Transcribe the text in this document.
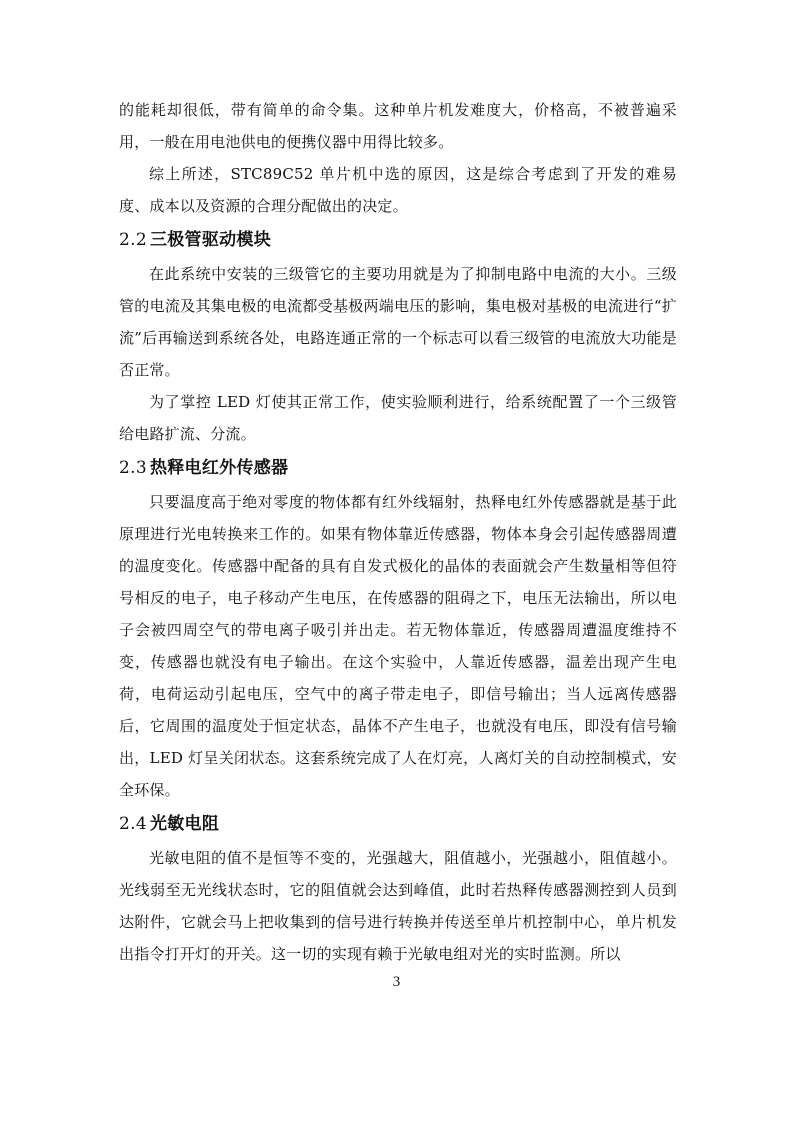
的能耗却很低，带有简单的命令集。这种单片机发难度大，价格高，不被普遍采用，一般在用电池供电的便携仪器中用得比较多。

综上所述，STC89C52 单片机中选的原因，这是综合考虑到了开发的难易度、成本以及资源的合理分配做出的决定。

2.2 三极管驱动模块

在此系统中安装的三级管它的主要功用就是为了抑制电路中电流的大小。三级管的电流及其集电极的电流都受基极两端电压的影响，集电极对基极的电流进行“扩流”后再输送到系统各处，电路连通正常的一个标志可以看三级管的电流放大功能是否正常。

为了掌控 LED 灯使其正常工作，使实验顺利进行，给系统配置了一个三级管给电路扩流、分流。

2.3 热释电红外传感器

只要温度高于绝对零度的物体都有红外线辐射，热释电红外传感器就是基于此原理进行光电转换来工作的。如果有物体靠近传感器，物体本身会引起传感器周遭的温度变化。传感器中配备的具有自发式极化的晶体的表面就会产生数量相等但符号相反的电子，电子移动产生电压，在传感器的阻碍之下，电压无法输出，所以电子会被四周空气的带电离子吸引并出走。若无物体靠近，传感器周遭温度维持不变，传感器也就没有电子输出。在这个实验中，人靠近传感器，温差出现产生电荷，电荷运动引起电压，空气中的离子带走电子，即信号输出；当人远离传感器后，它周围的温度处于恒定状态，晶体不产生电子，也就没有电压，即没有信号输出，LED 灯呈关闭状态。这套系统完成了人在灯亮，人离灯关的自动控制模式，安全环保。

2.4 光敏电阻

光敏电阻的值不是恒等不变的，光强越大，阻值越小，光强越小，阻值越小。光线弱至无光线状态时，它的阻值就会达到峰值，此时若热释传感器测控到人员到达附件，它就会马上把收集到的信号进行转换并传送至单片机控制中心，单片机发出指令打开灯的开关。这一切的实现有赖于光敏电组对光的实时监测。所以

3
